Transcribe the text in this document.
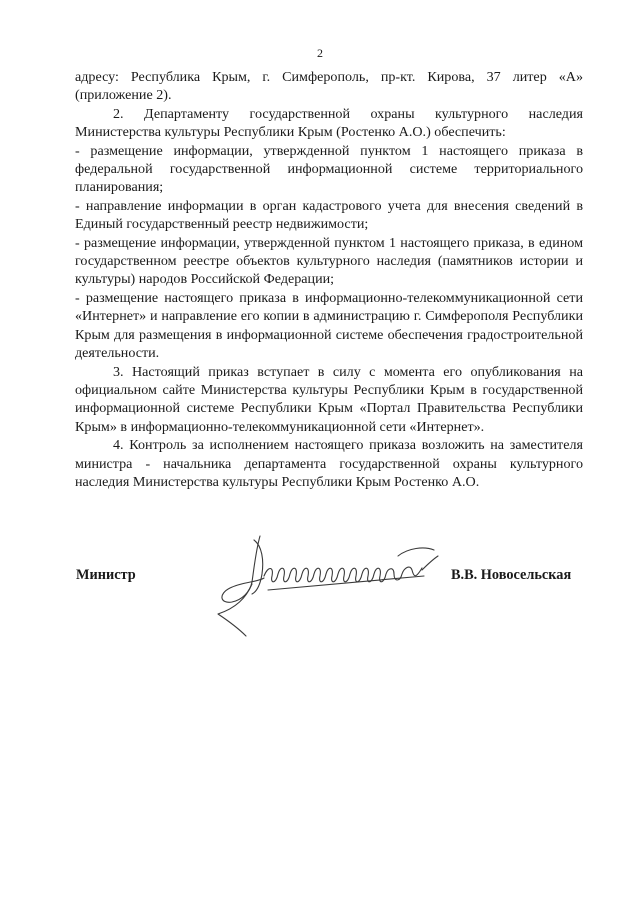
2

адресу: Республика Крым, г. Симферополь, пр-кт. Кирова, 37 литер «А» (приложение 2).

2. Департаменту государственной охраны культурного наследия Министерства культуры Республики Крым (Ростенко А.О.) обеспечить:

- размещение информации, утвержденной пунктом 1 настоящего приказа в федеральной государственной информационной системе территориального планирования;

- направление информации в орган кадастрового учета для внесения сведений в Единый государственный реестр недвижимости;

- размещение информации, утвержденной пунктом 1 настоящего приказа, в едином государственном реестре объектов культурного наследия (памятников истории и культуры) народов Российской Федерации;

- размещение настоящего приказа в информационно-телекоммуникационной сети «Интернет» и направление его копии в администрацию г. Симферополя Республики Крым для размещения в информационной системе обеспечения градостроительной деятельности.

3. Настоящий приказ вступает в силу с момента его опубликования на официальном сайте Министерства культуры Республики Крым в государственной информационной системе Республики Крым «Портал Правительства Республики Крым» в информационно-телекоммуникационной сети «Интернет».

4. Контроль за исполнением настоящего приказа возложить на заместителя министра - начальника департамента государственной охраны культурного наследия Министерства культуры Республики Крым Ростенко А.О.

Министр	В.В. Новосельская
